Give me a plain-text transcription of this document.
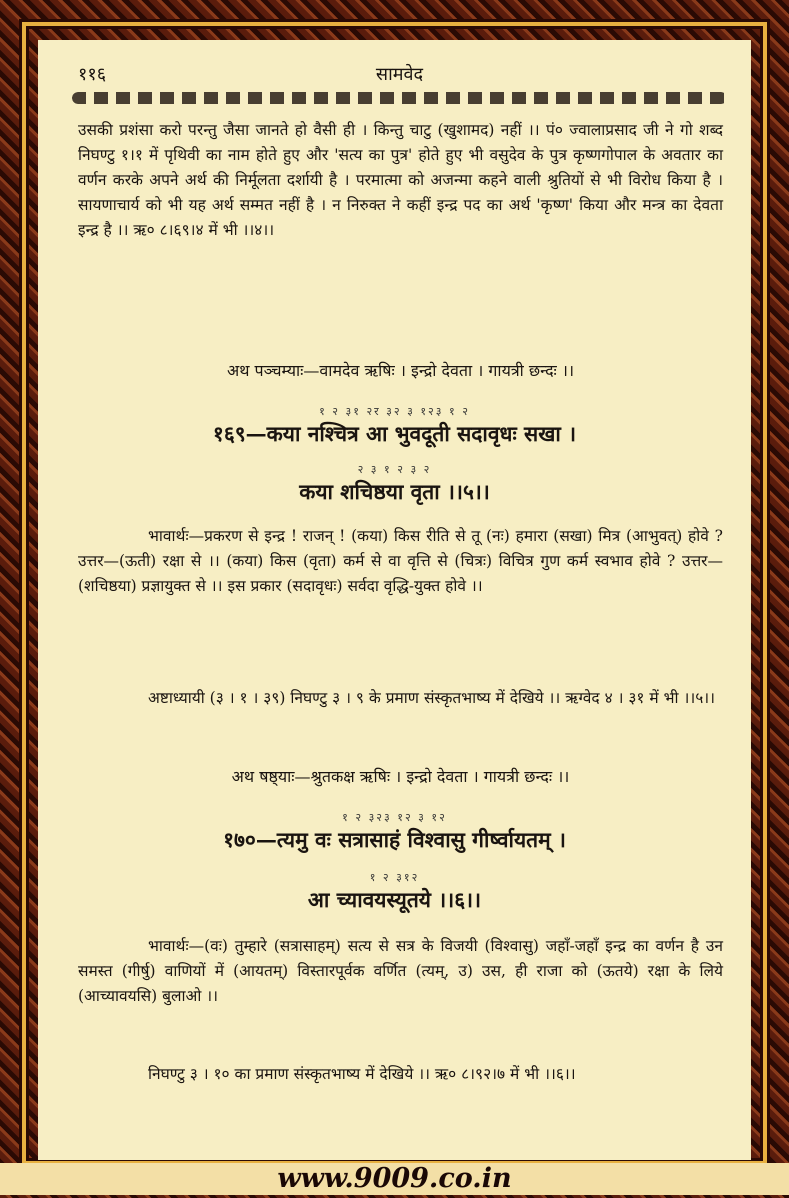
११६	सामवेद

उसकी प्रशंसा करो परन्तु जैसा जानते हो वैसी ही । किन्तु चाटु (खुशामद) नहीं ।। पं० ज्वालाप्रसाद जी ने गो शब्द निघण्टु १।१ में पृथिवी का नाम होते हुए और 'सत्य का पुत्र' होते हुए भी वसुदेव के पुत्र कृष्णगोपाल के अवतार का वर्णन करके अपने अर्थ की निर्मूलता दर्शायी है । परमात्मा को अजन्मा कहने वाली श्रुतियों से भी विरोध किया है । सायणाचार्य को भी यह अर्थ सम्मत नहीं है । न निरुक्त ने कहीं इन्द्र पद का अर्थ 'कृष्ण' किया और मन्त्र का देवता इन्द्र है ।। ऋ० ८।६९।४ में भी ।।४।।

अथ पञ्चम्याः—वामदेव ऋषिः । इन्द्रो देवता । गायत्री छन्दः ।।

१ २ ३१ २र ३२ ३ १२३ १ २
१६९—कया नश्चित्र आ भुवदूती सदावृधः सखा ।
२ ३ १ २ ३ २
कया शचिष्ठया वृता ।।५।।

भावार्थः—प्रकरण से इन्द्र ! राजन् ! (कया) किस रीति से तू (नः) हमारा (सखा) मित्र (आभुवत्) होवे ? उत्तर—(ऊती) रक्षा से ।। (कया) किस (वृता) कर्म से वा वृत्ति से (चित्रः) विचित्र गुण कर्म स्वभाव होवे ? उत्तर—(शचिष्ठया) प्रज्ञायुक्त से ।। इस प्रकार (सदावृधः) सर्वदा वृद्धि-युक्त होवे ।।

अष्टाध्यायी (३ । १ । ३९) निघण्टु ३ । ९ के प्रमाण संस्कृतभाष्य में देखिये ।। ऋग्वेद ४ । ३१ में भी ।।५।।

अथ षष्ठ्याः—श्रुतकक्ष ऋषिः । इन्द्रो देवता । गायत्री छन्दः ।।

१ २ ३२३ १२ ३ १२
१७०—त्यमु वः सत्रासाहं विश्वासु गीर्ष्वायतम् ।
१ २ ३१२
आ च्यावयस्यूतये ।।६।।

भावार्थः—(वः) तुम्हारे (सत्रासाहम्) सत्य से सत्र के विजयी (विश्वासु) जहाँ-जहाँ इन्द्र का वर्णन है उन समस्त (गीर्षु) वाणियों में (आयतम्) विस्तारपूर्वक वर्णित (त्यम्, उ) उस, ही राजा को (ऊतये) रक्षा के लिये (आच्यावयसि) बुलाओ ।।

निघण्टु ३ । १० का प्रमाण संस्कृतभाष्य में देखिये ।। ऋ० ८।९२।७ में भी ।।६।।

www.9009.co.in
